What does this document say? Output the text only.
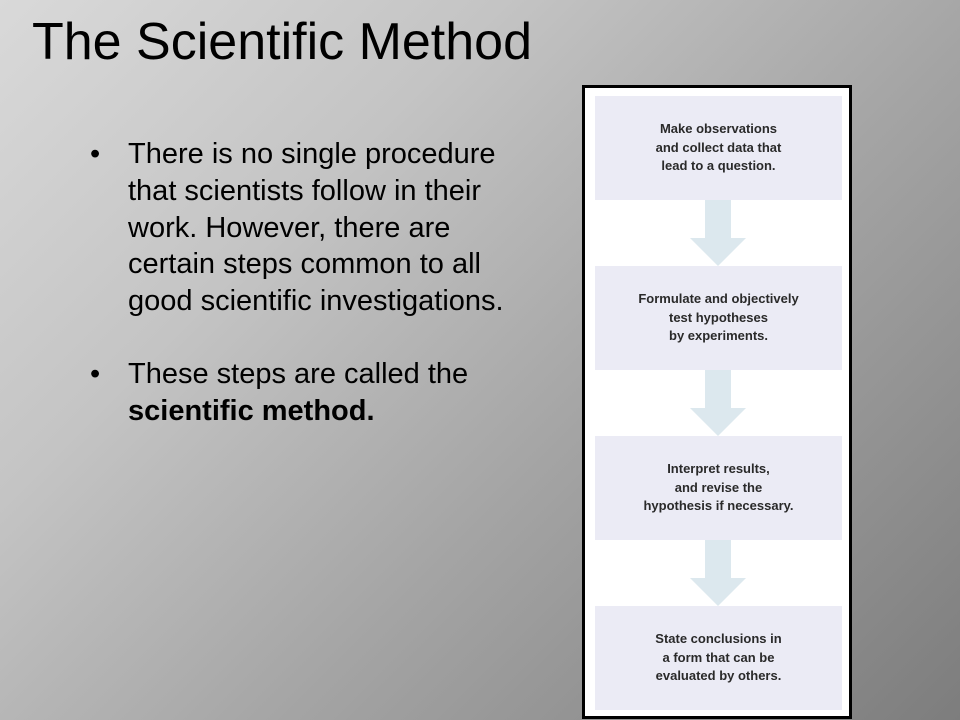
The Scientific Method
• There is no single procedure that scientists follow in their work. However, there are certain steps common to all good scientific investigations.
• These steps are called the scientific method.
Make observations
and collect data that
lead to a question.
Formulate and objectively
test hypotheses
by experiments.
Interpret results,
and revise the
hypothesis if necessary.
State conclusions in
a form that can be
evaluated by others.
